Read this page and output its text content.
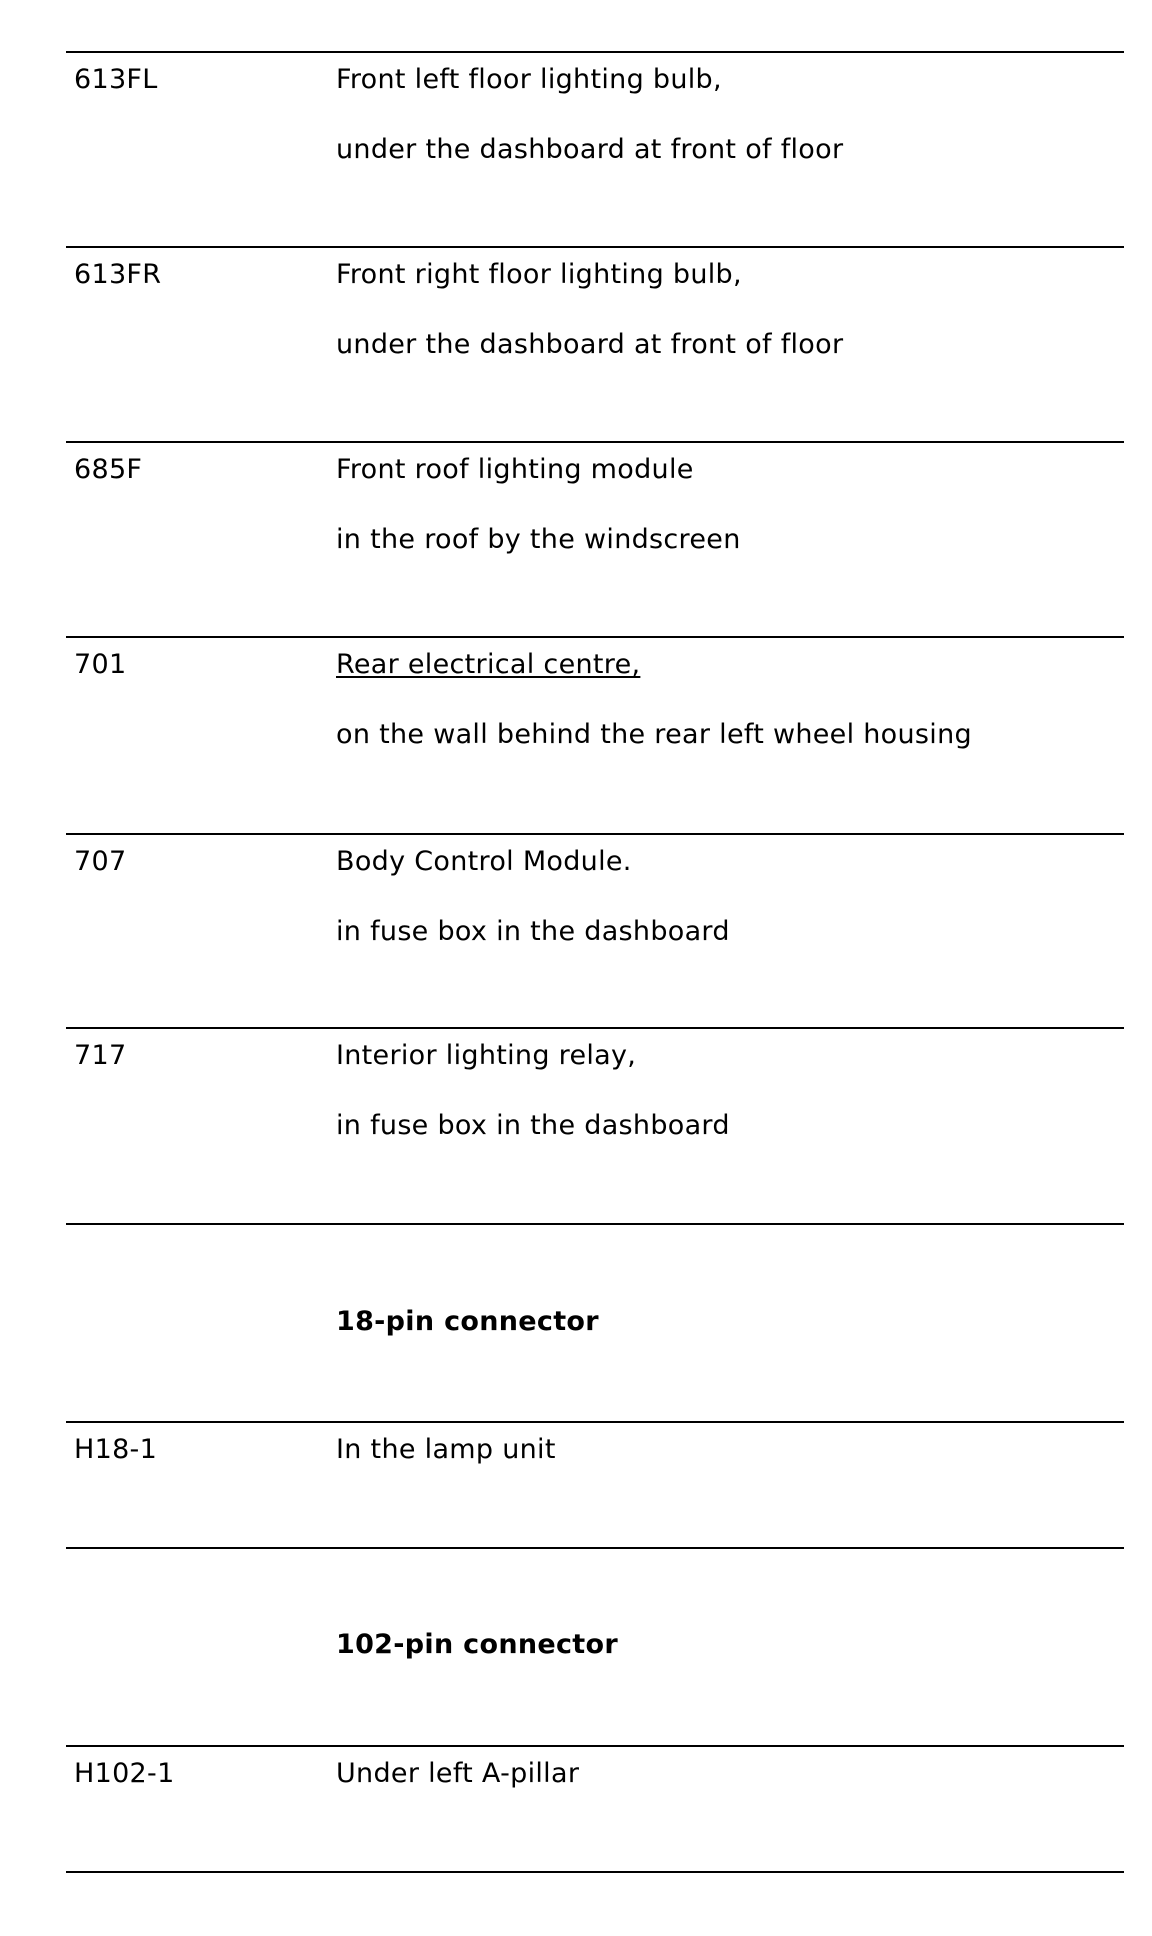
613FL	Front left floor lighting bulb,
under the dashboard at front of floor
613FR	Front right floor lighting bulb,
under the dashboard at front of floor
685F	Front roof lighting module
in the roof by the windscreen
701	Rear electrical centre,
on the wall behind the rear left wheel housing
707	Body Control Module.
in fuse box in the dashboard
717	Interior lighting relay,
in fuse box in the dashboard
18-pin connector
H18-1	In the lamp unit
102-pin connector
H102-1	Under left A-pillar
